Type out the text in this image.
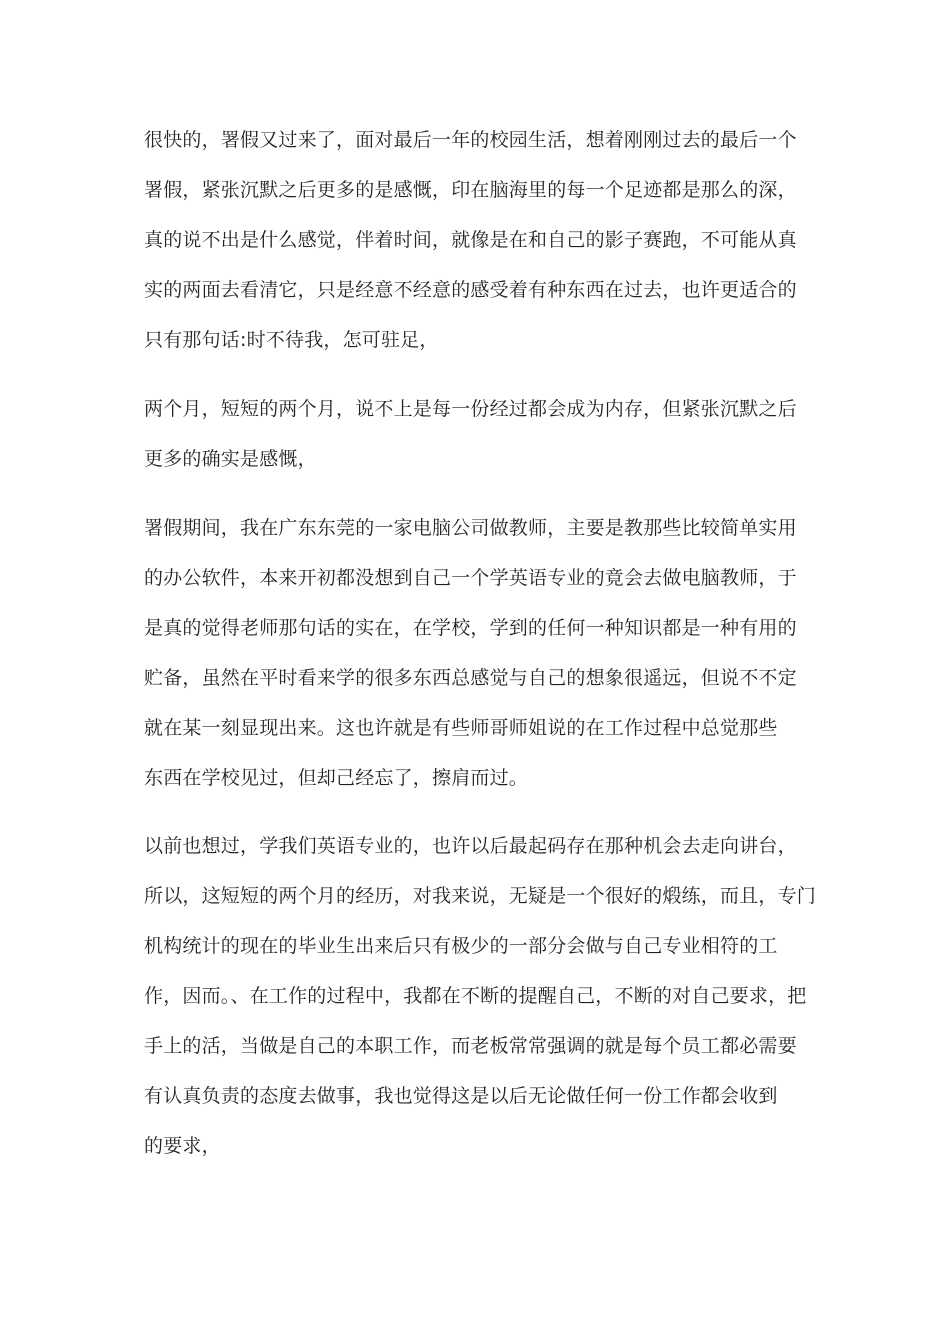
很快的，署假又过来了，面对最后一年的校园生活，想着刚刚过去的最后一个
署假，紧张沉默之后更多的是感慨，印在脑海里的每一个足迹都是那么的深，
真的说不出是什么感觉，伴着时间，就像是在和自己的影子赛跑，不可能从真
实的两面去看清它，只是经意不经意的感受着有种东西在过去，也许更适合的
只有那句话:时不待我，怎可驻足，
两个月，短短的两个月，说不上是每一份经过都会成为内存，但紧张沉默之后
更多的确实是感慨，
署假期间，我在广东东莞的一家电脑公司做教师，主要是教那些比较简单实用
的办公软件，本来开初都没想到自己一个学英语专业的竟会去做电脑教师，于
是真的觉得老师那句话的实在，在学校，学到的任何一种知识都是一种有用的
贮备，虽然在平时看来学的很多东西总感觉与自己的想象很遥远，但说不不定
就在某一刻显现出来。这也许就是有些师哥师姐说的在工作过程中总觉那些
东西在学校见过，但却己经忘了，擦肩而过。
以前也想过，学我们英语专业的，也许以后最起码存在那种机会去走向讲台，
所以，这短短的两个月的经历，对我来说，无疑是一个很好的煅练，而且，专门
机构统计的现在的毕业生出来后只有极少的一部分会做与自己专业相符的工
作，因而。、在工作的过程中，我都在不断的提醒自己，不断的对自己要求，把
手上的活，当做是自己的本职工作，而老板常常强调的就是每个员工都必需要
有认真负责的态度去做事，我也觉得这是以后无论做任何一份工作都会收到
的要求，
